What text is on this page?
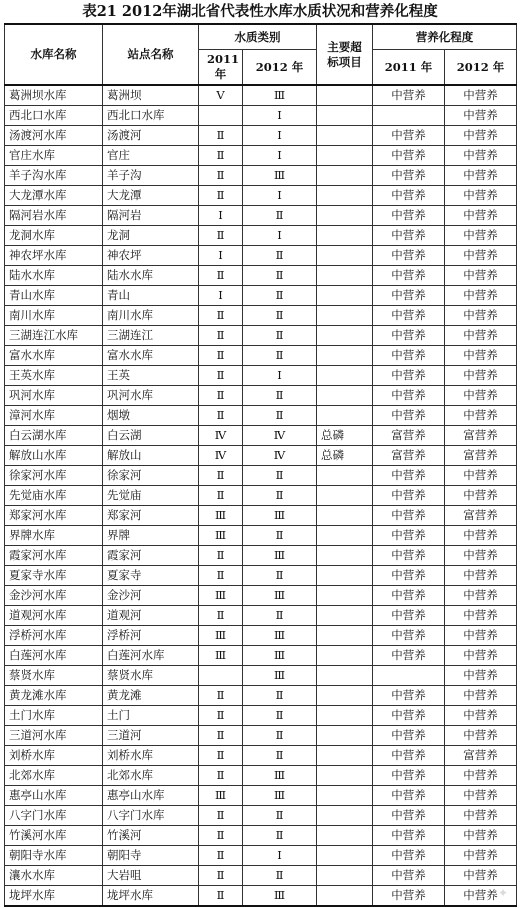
表21 2012年湖北省代表性水库水质状况和营养化程度
水库名称	站点名称	水质类别		主要超标项目	营养化程度	
		2011年	2012 年		2011 年	2012 年
葛洲坝水库	葛洲坝	Ⅴ	Ⅲ		中营养	中营养
西北口水库	西北口水库		Ⅰ			中营养
汤渡河水库	汤渡河	Ⅱ	Ⅰ		中营养	中营养
官庄水库	官庄	Ⅱ	Ⅰ		中营养	中营养
羊子沟水库	羊子沟	Ⅱ	Ⅲ		中营养	中营养
大龙潭水库	大龙潭	Ⅱ	Ⅰ		中营养	中营养
隔河岩水库	隔河岩	Ⅰ	Ⅱ		中营养	中营养
龙洞水库	龙洞	Ⅱ	Ⅰ		中营养	中营养
神农坪水库	神农坪	Ⅰ	Ⅱ		中营养	中营养
陆水水库	陆水水库	Ⅱ	Ⅱ		中营养	中营养
青山水库	青山	Ⅰ	Ⅱ		中营养	中营养
南川水库	南川水库	Ⅱ	Ⅱ		中营养	中营养
三湖连江水库	三湖连江	Ⅱ	Ⅱ		中营养	中营养
富水水库	富水水库	Ⅱ	Ⅱ		中营养	中营养
王英水库	王英	Ⅱ	Ⅰ		中营养	中营养
巩河水库	巩河水库	Ⅱ	Ⅱ		中营养	中营养
漳河水库	烟墩	Ⅱ	Ⅱ		中营养	中营养
白云湖水库	白云湖	Ⅳ	Ⅳ	总磷	富营养	富营养
解放山水库	解放山	Ⅳ	Ⅳ	总磷	富营养	富营养
徐家河水库	徐家河	Ⅱ	Ⅱ		中营养	中营养
先觉庙水库	先觉庙	Ⅱ	Ⅱ		中营养	中营养
郑家河水库	郑家河	Ⅲ	Ⅲ		中营养	富营养
界牌水库	界牌	Ⅲ	Ⅱ		中营养	中营养
霞家河水库	霞家河	Ⅱ	Ⅲ		中营养	中营养
夏家寺水库	夏家寺	Ⅱ	Ⅱ		中营养	中营养
金沙河水库	金沙河	Ⅲ	Ⅲ		中营养	中营养
道观河水库	道观河	Ⅱ	Ⅱ		中营养	中营养
浮桥河水库	浮桥河	Ⅲ	Ⅲ		中营养	中营养
白莲河水库	白莲河水库	Ⅲ	Ⅲ		中营养	中营养
蔡贤水库	蔡贤水库		Ⅲ			中营养
黄龙滩水库	黄龙滩	Ⅱ	Ⅱ		中营养	中营养
土门水库	土门	Ⅱ	Ⅱ		中营养	中营养
三道河水库	三道河	Ⅱ	Ⅱ		中营养	中营养
刘桥水库	刘桥水库	Ⅱ	Ⅱ		中营养	富营养
北郊水库	北郊水库	Ⅱ	Ⅲ		中营养	中营养
惠亭山水库	惠亭山水库	Ⅲ	Ⅲ		中营养	中营养
八字门水库	八字门水库	Ⅱ	Ⅱ		中营养	中营养
竹溪河水库	竹溪河	Ⅱ	Ⅱ		中营养	中营养
朝阳寺水库	朝阳寺	Ⅱ	Ⅰ		中营养	中营养
瀼水水库	大岩咀	Ⅱ	Ⅱ		中营养	中营养
垅坪水库	垅坪水库	Ⅱ	Ⅲ		中营养	中营养 ✦
